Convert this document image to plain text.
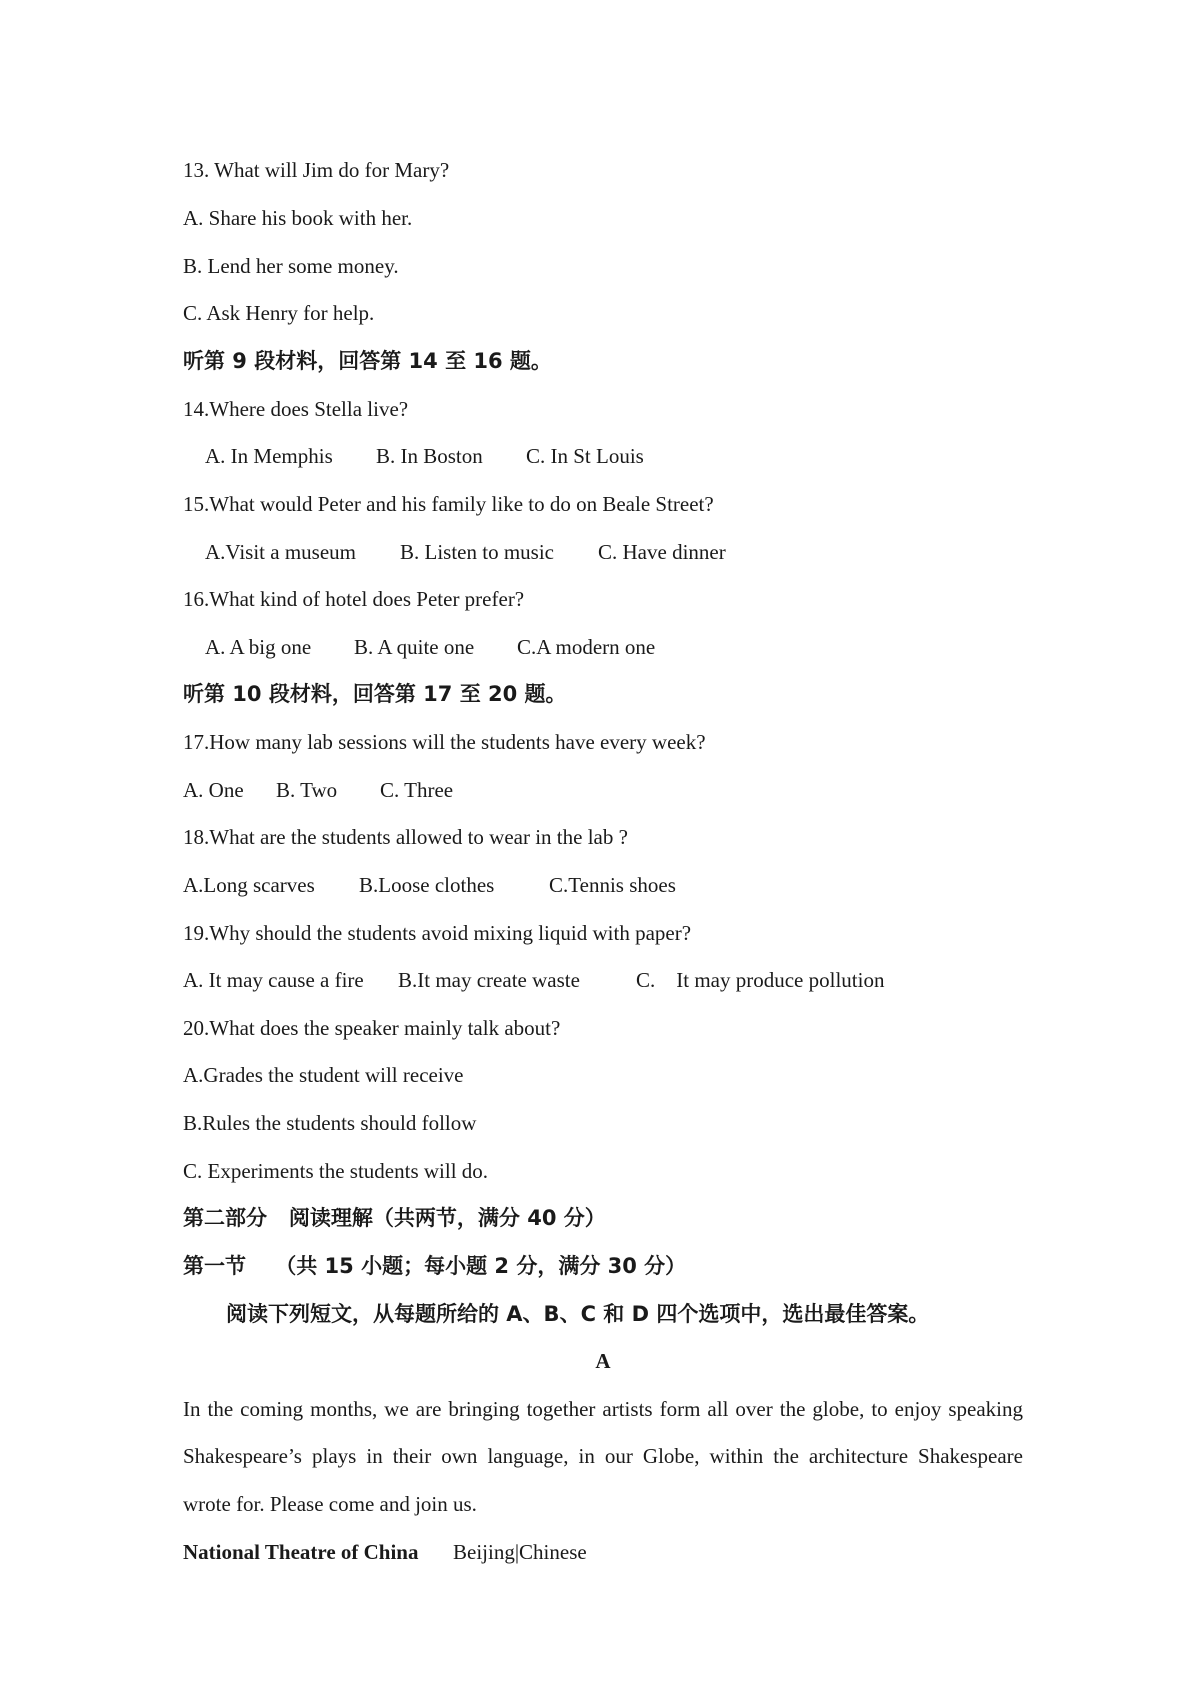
13. What will Jim do for Mary?
A. Share his book with her.
B. Lend her some money.
C. Ask Henry for help.
听第 9 段材料，回答第 14 至 16 题。
14.Where does Stella live?
A. In Memphis B. In Boston C. In St Louis
15.What would Peter and his family like to do on Beale Street?
A.Visit a museum B. Listen to music C. Have dinner
16.What kind of hotel does Peter prefer?
A. A big one B. A quite one C.A modern one
听第 10 段材料，回答第 17 至 20 题。
17.How many lab sessions will the students have every week?
A. One B. Two C. Three
18.What are the students allowed to wear in the lab ?
A.Long scarves B.Loose clothes	C.Tennis shoes
19.Why should the students avoid mixing liquid with paper?
A. It may cause a fire B.It may create waste	C.    It may produce pollution
20.What does the speaker mainly talk about?
A.Grades the student will receive
B.Rules the students should follow
C. Experiments the students will do.
第二部分   阅读理解（共两节，满分 40 分）
第一节    （共 15 小题；每小题 2 分，满分 30 分）
阅读下列短文，从每题所给的 A、B、C 和 D 四个选项中，选出最佳答案。
A
In the coming months, we are bringing together artists form all over the globe, to enjoy speaking
Shakespeare’s plays in their own language, in our Globe, within the architecture Shakespeare
wrote for. Please come and join us.
National Theatre of China Beijing|Chinese
